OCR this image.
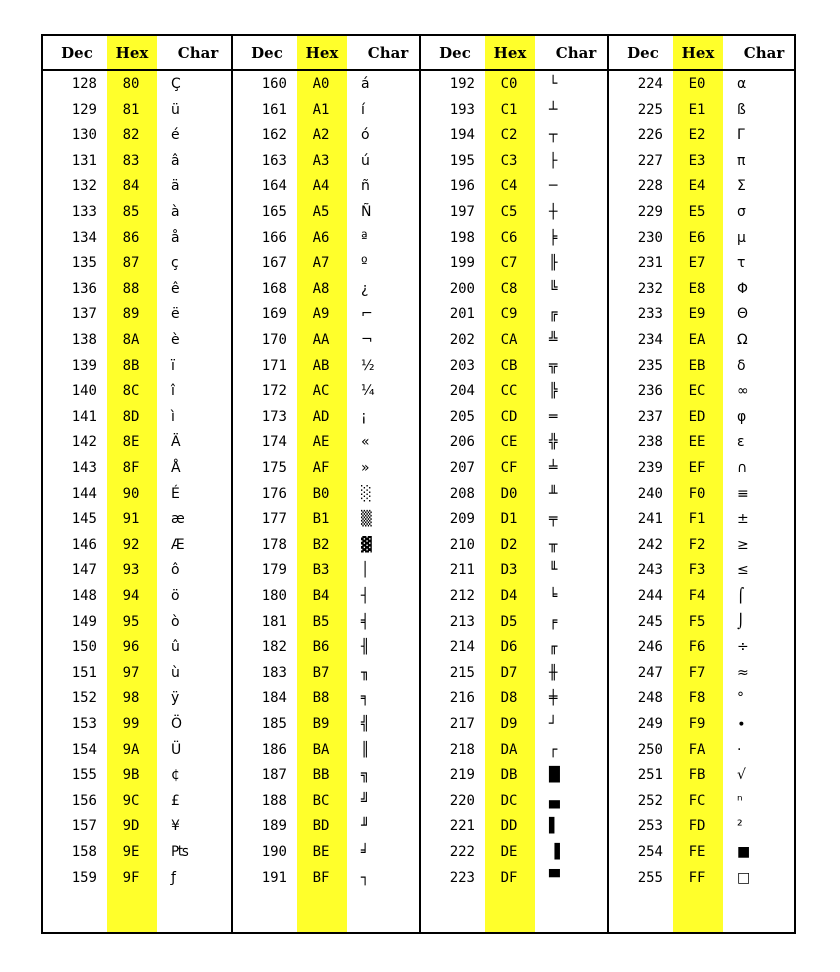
Dec	Hex	Char
128	80	Ç
129	81	ü
130	82	é
131	83	â
132	84	ä
133	85	à
134	86	å
135	87	ç
136	88	ê
137	89	ë
138	8A	è
139	8B	ï
140	8C	î
141	8D	ì
142	8E	Ä
143	8F	Å
144	90	É
145	91	æ
146	92	Æ
147	93	ô
148	94	ö
149	95	ò
150	96	û
151	97	ù
152	98	ÿ
153	99	Ö
154	9A	Ü
155	9B	¢
156	9C	£
157	9D	¥
158	9E	₧
159	9F	ƒ
Dec	Hex	Char
160	A0	á
161	A1	í
162	A2	ó
163	A3	ú
164	A4	ñ
165	A5	Ñ
166	A6	ª
167	A7	º
168	A8	¿
169	A9	⌐
170	AA	¬
171	AB	½
172	AC	¼
173	AD	¡
174	AE	«
175	AF	»
176	B0	░
177	B1	▒
178	B2	▓
179	B3	│
180	B4	┤
181	B5	╡
182	B6	╢
183	B7	╖
184	B8	╕
185	B9	╣
186	BA	║
187	BB	╗
188	BC	╝
189	BD	╜
190	BE	╛
191	BF	┐
Dec	Hex	Char
192	C0	└
193	C1	┴
194	C2	┬
195	C3	├
196	C4	─
197	C5	┼
198	C6	╞
199	C7	╟
200	C8	╚
201	C9	╔
202	CA	╩
203	CB	╦
204	CC	╠
205	CD	═
206	CE	╬
207	CF	╧
208	D0	╨
209	D1	╤
210	D2	╥
211	D3	╙
212	D4	╘
213	D5	╒
214	D6	╓
215	D7	╫
216	D8	╪
217	D9	┘
218	DA	┌
219	DB	█
220	DC	▄
221	DD	▌
222	DE	▐
223	DF	▀
Dec	Hex	Char
224	E0	α
225	E1	ß
226	E2	Γ
227	E3	π
228	E4	Σ
229	E5	σ
230	E6	µ
231	E7	τ
232	E8	Φ
233	E9	Θ
234	EA	Ω
235	EB	δ
236	EC	∞
237	ED	φ
238	EE	ε
239	EF	∩
240	F0	≡
241	F1	±
242	F2	≥
243	F3	≤
244	F4	⌠
245	F5	⌡
246	F6	÷
247	F7	≈
248	F8	°
249	F9	∙
250	FA	·
251	FB	√
252	FC	ⁿ
253	FD	²
254	FE	■
255	FF	□
